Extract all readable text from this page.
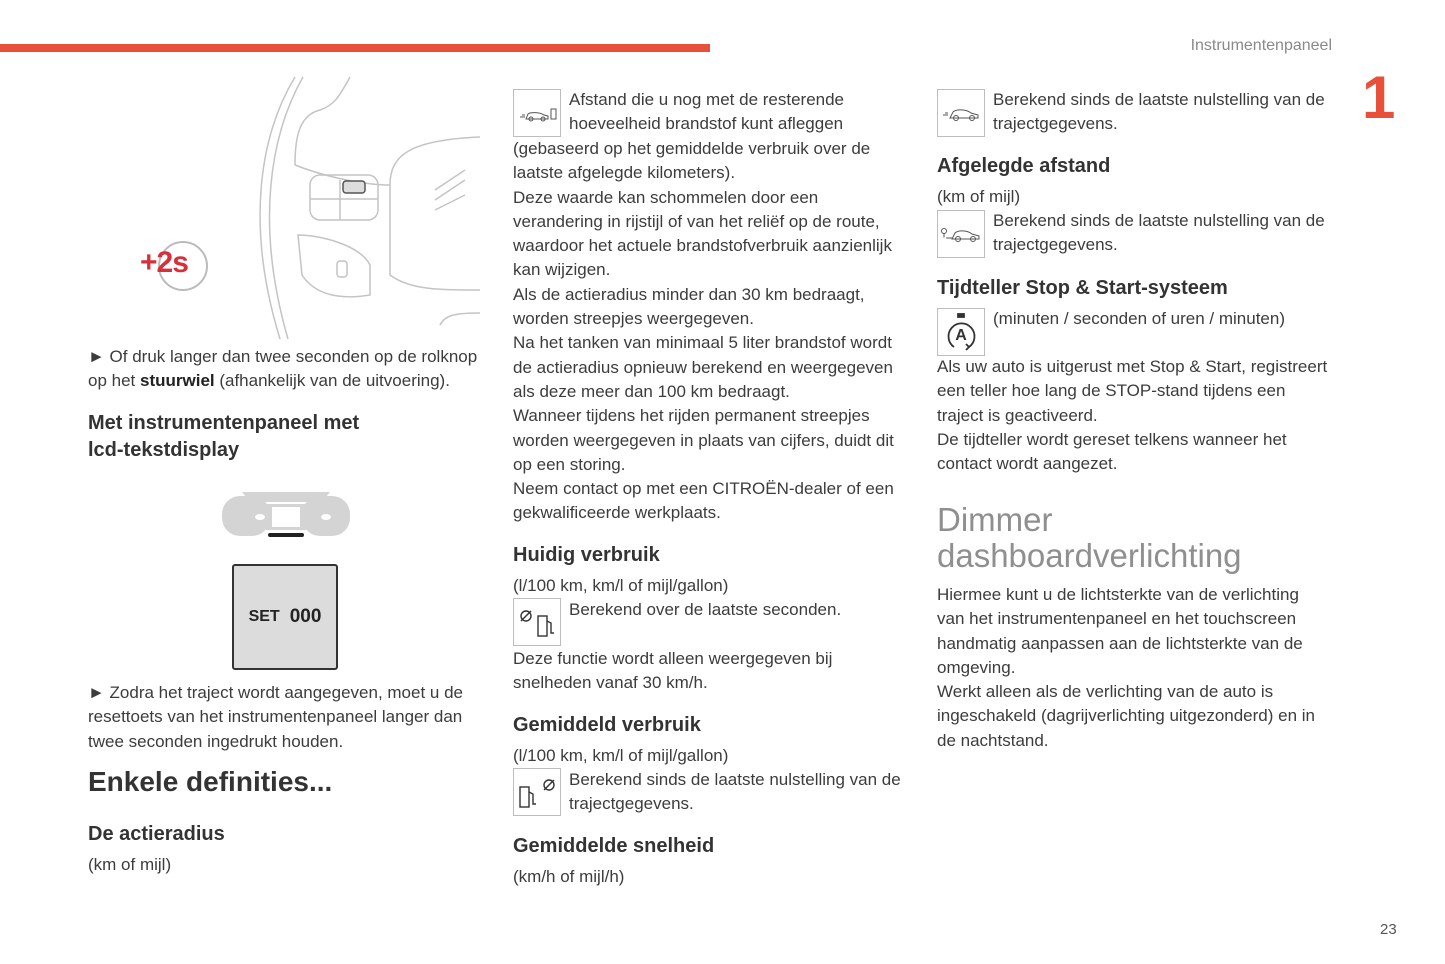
Instrumentenpaneel
1
23
+2s
► Of druk langer dan twee seconden op de rolknop
op het stuurwiel (afhankelijk van de uitvoering).
Met instrumentenpaneel met
lcd-tekstdisplay
SET 000
► Zodra het traject wordt aangegeven, moet u de
resettoets van het instrumentenpaneel langer dan
twee seconden ingedrukt houden.
Enkele definities...
De actieradius
(km of mijl)
Afstand die u nog met de resterende
hoeveelheid brandstof kunt afleggen
(gebaseerd op het gemiddelde verbruik over de
laatste afgelegde kilometers).
Deze waarde kan schommelen door een
verandering in rijstijl of van het reliëf op de route,
waardoor het actuele brandstofverbruik aanzienlijk
kan wijzigen.
Als de actieradius minder dan 30 km bedraagt,
worden streepjes weergegeven.
Na het tanken van minimaal 5 liter brandstof wordt
de actieradius opnieuw berekend en weergegeven
als deze meer dan 100 km bedraagt.
Wanneer tijdens het rijden permanent streepjes
worden weergegeven in plaats van cijfers, duidt dit
op een storing.
Neem contact op met een CITROËN-dealer of een
gekwalificeerde werkplaats.
Huidig verbruik
(l/100 km, km/l of mijl/gallon)
Berekend over de laatste seconden.
Deze functie wordt alleen weergegeven bij
snelheden vanaf 30 km/h.
Gemiddeld verbruik
(l/100 km, km/l of mijl/gallon)
Berekend sinds de laatste nulstelling van de
trajectgegevens.
Gemiddelde snelheid
(km/h of mijl/h)
Berekend sinds de laatste nulstelling van de
trajectgegevens.
Afgelegde afstand
(km of mijl)
Berekend sinds de laatste nulstelling van de
trajectgegevens.
Tijdteller Stop & Start-systeem
A
(minuten / seconden of uren / minuten)
Als uw auto is uitgerust met Stop & Start, registreert
een teller hoe lang de STOP-stand tijdens een
traject is geactiveerd.
De tijdteller wordt gereset telkens wanneer het
contact wordt aangezet.
Dimmer
dashboardverlichting
Hiermee kunt u de lichtsterkte van de verlichting
van het instrumentenpaneel en het touchscreen
handmatig aanpassen aan de lichtsterkte van de
omgeving.
Werkt alleen als de verlichting van de auto is
ingeschakeld (dagrijverlichting uitgezonderd) en in
de nachtstand.
